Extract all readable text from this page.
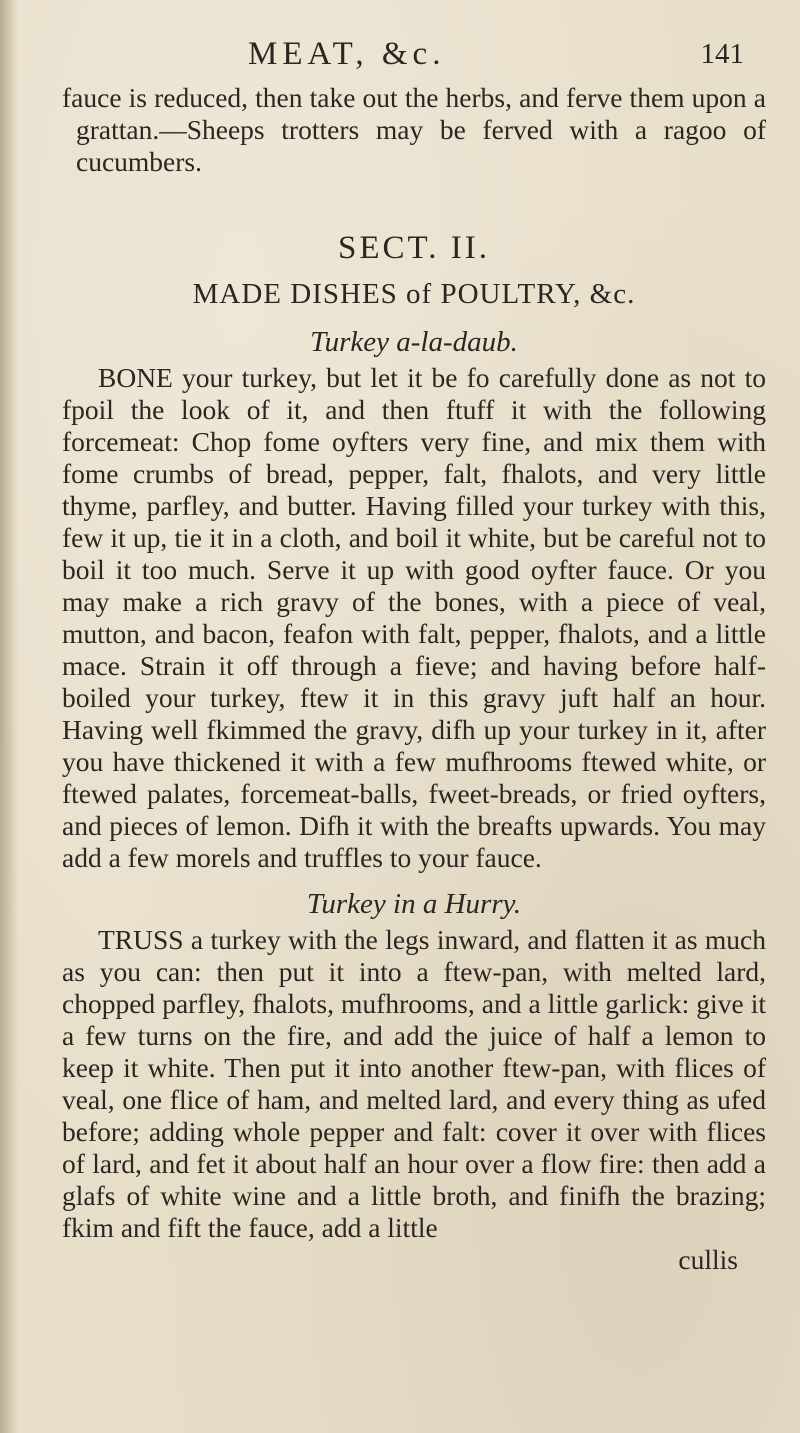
MEAT, &c.	141

fauce is reduced, then take out the herbs, and ferve them upon a grattan.—Sheeps trotters may be ferved with a ragoo of cucumbers.

SECT. II.
MADE DISHES of POULTRY, &c.
Turkey a-la-daub.

BONE your turkey, but let it be fo carefully done as not to fpoil the look of it, and then ftuff it with the following forcemeat: Chop fome oyfters very fine, and mix them with fome crumbs of bread, pepper, falt, fhalots, and very little thyme, parfley, and butter. Having filled your turkey with this, few it up, tie it in a cloth, and boil it white, but be careful not to boil it too much. Serve it up with good oyfter fauce. Or you may make a rich gravy of the bones, with a piece of veal, mutton, and bacon, feafon with falt, pepper, fhalots, and a little mace. Strain it off through a fieve; and having before half-boiled your turkey, ftew it in this gravy juft half an hour. Having well fkimmed the gravy, difh up your turkey in it, after you have thickened it with a few mufhrooms ftewed white, or ftewed palates, forcemeat-balls, fweet-breads, or fried oyfters, and pieces of lemon. Difh it with the breafts upwards. You may add a few morels and truffles to your fauce.

Turkey in a Hurry.

TRUSS a turkey with the legs inward, and flatten it as much as you can: then put it into a ftew-pan, with melted lard, chopped parfley, fhalots, mufhrooms, and a little garlick: give it a few turns on the fire, and add the juice of half a lemon to keep it white. Then put it into another ftew-pan, with flices of veal, one flice of ham, and melted lard, and every thing as ufed before; adding whole pepper and falt: cover it over with flices of lard, and fet it about half an hour over a flow fire: then add a glafs of white wine and a little broth, and finifh the brazing; fkim and fift the fauce, add a little

cullis
